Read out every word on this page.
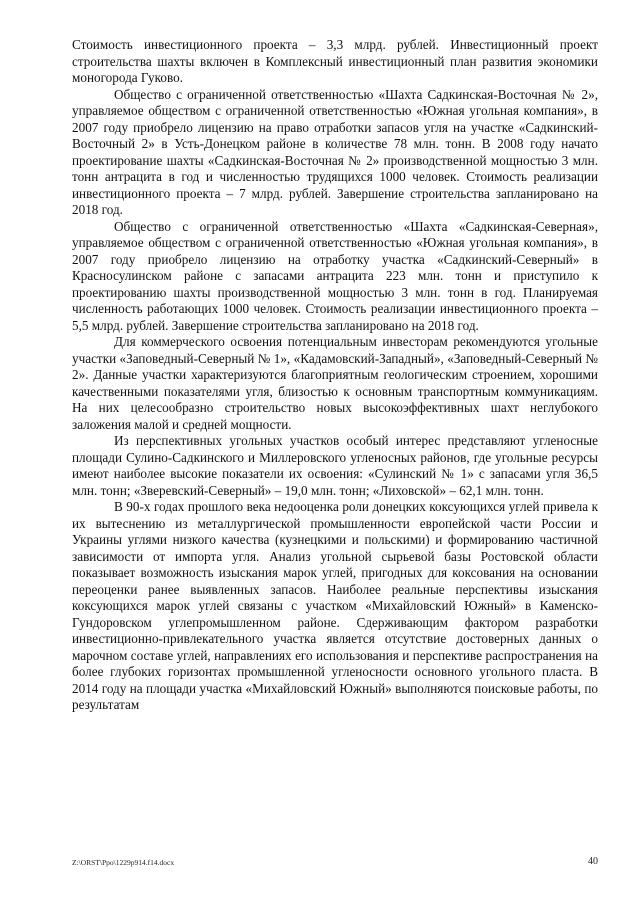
Стоимость инвестиционного проекта – 3,3 млрд. рублей. Инвестиционный проект строительства шахты включен в Комплексный инвестиционный план развития экономики моногорода Гуково.

Общество с ограниченной ответственностью «Шахта Садкинская-Восточная № 2», управляемое обществом с ограниченной ответственностью «Южная угольная компания», в 2007 году приобрело лицензию на право отработки запасов угля на участке «Садкинский-Восточный 2» в Усть-Донецком районе в количестве 78 млн. тонн. В 2008 году начато проектирование шахты «Садкинская-Восточная № 2» производственной мощностью 3 млн. тонн антрацита в год и численностью трудящихся 1000 человек. Стоимость реализации инвестиционного проекта – 7 млрд. рублей. Завершение строительства запланировано на 2018 год.

Общество с ограниченной ответственностью «Шахта «Садкинская-Северная», управляемое обществом с ограниченной ответственностью «Южная угольная компания», в 2007 году приобрело лицензию на отработку участка «Садкинский-Северный» в Красносулинском районе с запасами антрацита 223 млн. тонн и приступило к проектированию шахты производственной мощностью 3 млн. тонн в год. Планируемая численность работающих 1000 человек. Стоимость реализации инвестиционного проекта – 5,5 млрд. рублей. Завершение строительства запланировано на 2018 год.

Для коммерческого освоения потенциальным инвесторам рекомендуются угольные участки «Заповедный-Северный № 1», «Кадамовский-Западный», «Заповедный-Северный № 2». Данные участки характеризуются благоприятным геологическим строением, хорошими качественными показателями угля, близостью к основным транспортным коммуникациям. На них целесообразно строительство новых высокоэффективных шахт неглубокого заложения малой и средней мощности.

Из перспективных угольных участков особый интерес представляют угленосные площади Сулино-Садкинского и Миллеровского угленосных районов, где угольные ресурсы имеют наиболее высокие показатели их освоения: «Сулинский № 1» с запасами угля 36,5 млн. тонн; «Зверевский-Северный» – 19,0 млн. тонн; «Лиховской» – 62,1 млн. тонн.

В 90-х годах прошлого века недооценка роли донецких коксующихся углей привела к их вытеснению из металлургической промышленности европейской части России и Украины углями низкого качества (кузнецкими и польскими) и формированию частичной зависимости от импорта угля. Анализ угольной сырьевой базы Ростовской области показывает возможность изыскания марок углей, пригодных для коксования на основании переоценки ранее выявленных запасов. Наиболее реальные перспективы изыскания коксующихся марок углей связаны с участком «Михайловский Южный» в Каменско-Гундоровском углепромышленном районе. Сдерживающим фактором разработки инвестиционно-привлекательного участка является отсутствие достоверных данных о марочном составе углей, направлениях его использования и перспективе распространения на более глубоких горизонтах промышленной угленосности основного угольного пласта. В 2014 году на площади участка «Михайловский Южный» выполняются поисковые работы, по результатам

Z:\ORST\Ppo\1229p914.f14.docx	40
